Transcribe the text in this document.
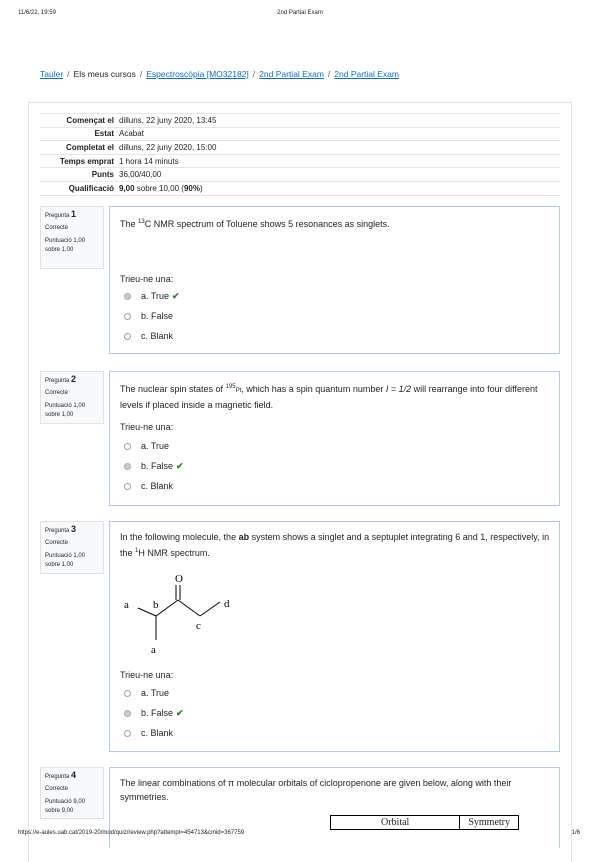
11/6/22, 19:59	2nd Partial Exam
Tauler / Els meus cursos / Espectroscòpia [MO32182] / 2nd Partial Exam / 2nd Partial Exam
Començat el	dilluns, 22 juny 2020, 13:45
Estat	Acabat
Completat el	dilluns, 22 juny 2020, 15:00
Temps emprat	1 hora 14 minuts
Punts	36,00/40,00
Qualificació	9,00 sobre 10,00 (90%)
Pregunta 1
Correcte
Puntuació 1,00 sobre 1,00
The $^{13}$C NMR spectrum of Toluene shows 5 resonances as singlets.
Trieu-ne una:
a. True ✔
b. False
c. Blank
Pregunta 2
Correcte
Puntuació 1,00 sobre 1,00
The nuclear spin states of $^{195}$Pt, which has a spin quantum number I = 1/2 will rearrange into four different levels if placed inside a magnetic field.
Trieu-ne una:
a. True
b. False ✔
c. Blank
Pregunta 3
Correcte
Puntuació 1,00 sobre 1,00
In the following molecule, the ab system shows a singlet and a septuplet integrating 6 and 1, respectively, in the $^1$H NMR spectrum.
O
a b
c
d
a
Trieu-ne una:
a. True
b. False ✔
c. Blank
Pregunta 4
Correcte
Puntuació 9,00 sobre 9,00
The linear combinations of π molecular orbitals of ciclopropenone are given below, along with their symmetries.
Orbital	Symmetry
https://e-aules.uab.cat/2019-20/mod/quiz/review.php?attempt=454713&cmid=367759	1/6
